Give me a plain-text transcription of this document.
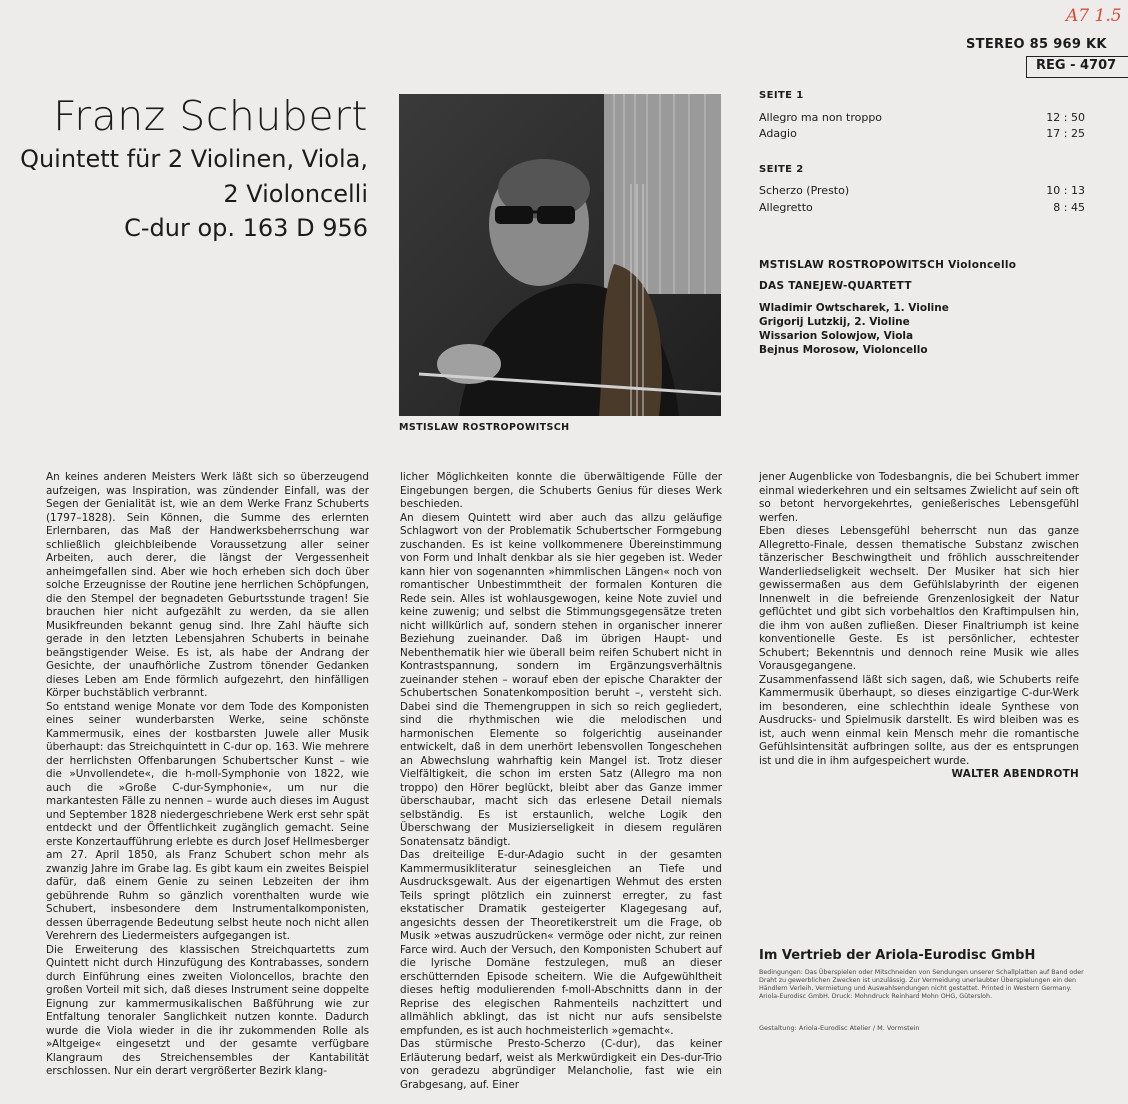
A7 1.5
STEREO 85 969 KK
REG - 4707
Franz Schubert
Quintett für 2 Violinen, Viola,
2 Violoncelli
C-dur op. 163 D 956
MSTISLAW ROSTROPOWITSCH
SEITE 1
Allegro ma non troppo	12 : 50
Adagio	17 : 25
SEITE 2
Scherzo (Presto)	10 : 13
Allegretto	8 : 45
MSTISLAW ROSTROPOWITSCH Violoncello
DAS TANEJEW-QUARTETT
Wladimir Owtscharek, 1. Violine
Grigorij Lutzkij, 2. Violine
Wissarion Solowjow, Viola
Bejnus Morosow, Violoncello

An keines anderen Meisters Werk läßt sich so überzeugend aufzeigen, was Inspiration, was zündender Einfall, was der Segen der Genialität ist, wie an dem Werke Franz Schuberts (1797–1828). Sein Können, die Summe des erlernten Erlernbaren, das Maß der Handwerksbeherrschung war schließlich gleichbleibende Voraussetzung aller seiner Arbeiten, auch derer, die längst der Vergessenheit anheimgefallen sind. Aber wie hoch erheben sich doch über solche Erzeugnisse der Routine jene herrlichen Schöpfungen, die den Stempel der begnadeten Geburtsstunde tragen! Sie brauchen hier nicht aufgezählt zu werden, da sie allen Musikfreunden bekannt genug sind. Ihre Zahl häufte sich gerade in den letzten Lebensjahren Schuberts in beinahe beängstigender Weise. Es ist, als habe der Andrang der Gesichte, der unaufhörliche Zustrom tönender Gedanken dieses Leben am Ende förmlich aufgezehrt, den hinfälligen Körper buchstäblich verbrannt.

So entstand wenige Monate vor dem Tode des Komponisten eines seiner wunderbarsten Werke, seine schönste Kammermusik, eines der kostbarsten Juwele aller Musik überhaupt: das Streichquintett in C-dur op. 163. Wie mehrere der herrlichsten Offenbarungen Schubertscher Kunst – wie die »Unvollendete«, die h-moll-Symphonie von 1822, wie auch die »Große C-dur-Symphonie«, um nur die markantesten Fälle zu nennen – wurde auch dieses im August und September 1828 niedergeschriebene Werk erst sehr spät entdeckt und der Öffentlichkeit zugänglich gemacht. Seine erste Konzertaufführung erlebte es durch Josef Hellmesberger am 27. April 1850, als Franz Schubert schon mehr als zwanzig Jahre im Grabe lag. Es gibt kaum ein zweites Beispiel dafür, daß einem Genie zu seinen Lebzeiten der ihm gebührende Ruhm so gänzlich vorenthalten wurde wie Schubert, insbesondere dem Instrumentalkomponisten, dessen überragende Bedeutung selbst heute noch nicht allen Verehrern des Liedermeisters aufgegangen ist.

Die Erweiterung des klassischen Streichquartetts zum Quintett nicht durch Hinzufügung des Kontrabasses, sondern durch Einführung eines zweiten Violoncellos, brachte den großen Vorteil mit sich, daß dieses Instrument seine doppelte Eignung zur kammermusikalischen Baßführung wie zur Entfaltung tenoraler Sanglichkeit nutzen konnte. Dadurch wurde die Viola wieder in die ihr zukommenden Rolle als »Altgeige« eingesetzt und der gesamte verfügbare Klangraum des Streichensembles der Kantabilität erschlossen. Nur ein derart vergrößerter Bezirk klang-

licher Möglichkeiten konnte die überwältigende Fülle der Eingebungen bergen, die Schuberts Genius für dieses Werk beschieden.

An diesem Quintett wird aber auch das allzu geläufige Schlagwort von der Problematik Schubertscher Formgebung zuschanden. Es ist keine vollkommenere Übereinstimmung von Form und Inhalt denkbar als sie hier gegeben ist. Weder kann hier von sogenannten »himmlischen Längen« noch von romantischer Unbestimmtheit der formalen Konturen die Rede sein. Alles ist wohlausgewogen, keine Note zuviel und keine zuwenig; und selbst die Stimmungsgegensätze treten nicht willkürlich auf, sondern stehen in organischer innerer Beziehung zueinander. Daß im übrigen Haupt- und Nebenthematik hier wie überall beim reifen Schubert nicht in Kontrastspannung, sondern im Ergänzungsverhältnis zueinander stehen – worauf eben der epische Charakter der Schubertschen Sonatenkomposition beruht –, versteht sich. Dabei sind die Themengruppen in sich so reich gegliedert, sind die rhythmischen wie die melodischen und harmonischen Elemente so folgerichtig auseinander entwickelt, daß in dem unerhört lebensvollen Tongeschehen an Abwechslung wahrhaftig kein Mangel ist. Trotz dieser Vielfältigkeit, die schon im ersten Satz (Allegro ma non troppo) den Hörer beglückt, bleibt aber das Ganze immer überschaubar, macht sich das erlesene Detail niemals selbständig. Es ist erstaunlich, welche Logik den Überschwang der Musizierseligkeit in diesem regulären Sonatensatz bändigt.

Das dreiteilige E-dur-Adagio sucht in der gesamten Kammermusikliteratur seinesgleichen an Tiefe und Ausdrucksgewalt. Aus der eigenartigen Wehmut des ersten Teils springt plötzlich ein zuinnerst erregter, zu fast ekstatischer Dramatik gesteigerter Klagegesang auf, angesichts dessen der Theoretikerstreit um die Frage, ob Musik »etwas auszudrücken« vermöge oder nicht, zur reinen Farce wird. Auch der Versuch, den Komponisten Schubert auf die lyrische Domäne festzulegen, muß an dieser erschütternden Episode scheitern. Wie die Aufgewühltheit dieses heftig modulierenden f-moll-Abschnitts dann in der Reprise des elegischen Rahmenteils nachzittert und allmählich abklingt, das ist nicht nur aufs sensibelste empfunden, es ist auch hochmeisterlich »gemacht«.

Das stürmische Presto-Scherzo (C-dur), das keiner Erläuterung bedarf, weist als Merkwürdigkeit ein Des-dur-Trio von geradezu abgründiger Melancholie, fast wie ein Grabgesang, auf. Einer

jener Augenblicke von Todesbangnis, die bei Schubert immer einmal wiederkehren und ein seltsames Zwielicht auf sein oft so betont hervorgekehrtes, genießerisches Lebensgefühl werfen.

Eben dieses Lebensgefühl beherrscht nun das ganze Allegretto-Finale, dessen thematische Substanz zwischen tänzerischer Beschwingtheit und fröhlich ausschreitender Wanderliedseligkeit wechselt. Der Musiker hat sich hier gewissermaßen aus dem Gefühlslabyrinth der eigenen Innenwelt in die befreiende Grenzenlosigkeit der Natur geflüchtet und gibt sich vorbehaltlos den Kraftimpulsen hin, die ihm von außen zufließen. Dieser Finaltriumph ist keine konventionelle Geste. Es ist persönlicher, echtester Schubert; Bekenntnis und dennoch reine Musik wie alles Vorausgegangene.

Zusammenfassend läßt sich sagen, daß, wie Schuberts reife Kammermusik überhaupt, so dieses einzigartige C-dur-Werk im besonderen, eine schlechthin ideale Synthese von Ausdrucks- und Spielmusik darstellt. Es wird bleiben was es ist, auch wenn einmal kein Mensch mehr die romantische Gefühlsintensität aufbringen sollte, aus der es entsprungen ist und die in ihm aufgespeichert wurde.

WALTER ABENDROTH

Im Vertrieb der Ariola-Eurodisc GmbH
Bedingungen: Das Überspielen oder Mitschneiden von Sendungen unserer Schallplatten auf Band oder Draht zu gewerblichen Zwecken ist unzulässig. Zur Vermeidung unerlaubter Überspielungen ein den Händlern Verleih, Vermietung und Auswahlsendungen nicht gestattet. Printed in Western Germany. Ariola-Eurodisc GmbH. Druck: Mohndruck Reinhard Mohn OHG, Gütersloh.
Gestaltung: Ariola-Eurodisc Atelier / M. Vormstein
